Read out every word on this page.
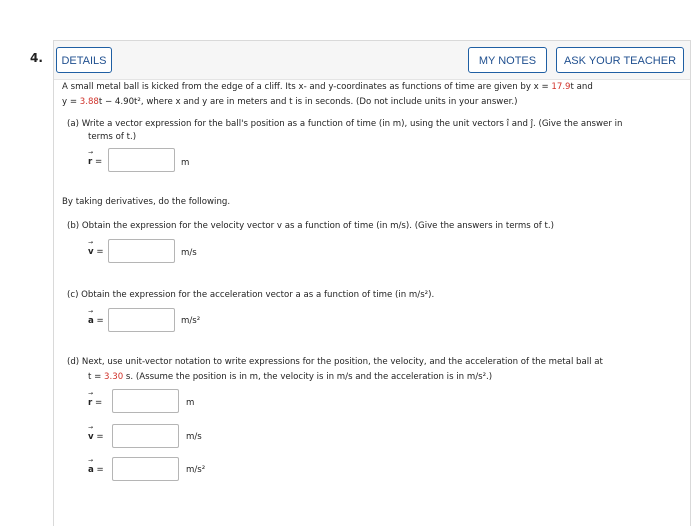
4.	DETAILS	MY NOTES	ASK YOUR TEACHER
A small metal ball is kicked from the edge of a cliff. Its x- and y-coordinates as functions of time are given by x = 17.9t and
y = 3.88t − 4.90t², where x and y are in meters and t is in seconds. (Do not include units in your answer.)
(a) Write a vector expression for the ball's position as a function of time (in m), using the unit vectors î and ĵ. (Give the answer in
terms of t.)
→ r =	m
By taking derivatives, do the following.
(b) Obtain the expression for the velocity vector v as a function of time (in m/s). (Give the answers in terms of t.)
→ v =	m/s
(c) Obtain the expression for the acceleration vector a as a function of time (in m/s²).
→ a =	m/s²
(d) Next, use unit-vector notation to write expressions for the position, the velocity, and the acceleration of the metal ball at
t = 3.30 s. (Assume the position is in m, the velocity is in m/s and the acceleration is in m/s².)
→ r =	m
→ v =	m/s
→ a =	m/s²
